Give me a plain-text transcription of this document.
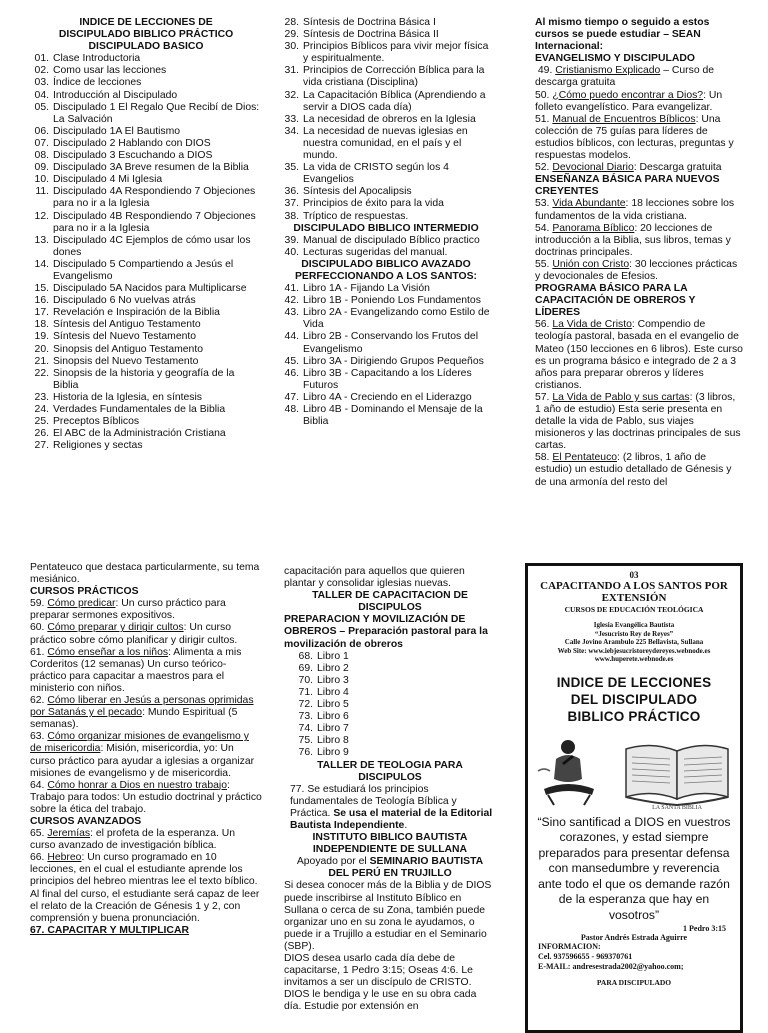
INDICE DE LECCIONES DE
DISCIPULADO BIBLICO PRÁCTICO
DISCIPULADO BASICO
01. Clase Introductoria
02. Como usar las lecciones
03. Índice de lecciones
04. Introducción al Discipulado
05. Discipulado 1 El Regalo Que Recibí de Dios: La Salvación
06. Discipulado 1A El Bautismo
07. Discipulado 2 Hablando con DIOS
08. Discipulado 3 Escuchando a DIOS
09. Discipulado 3A Breve resumen de la Biblia
10. Discipulado 4 Mi Iglesia
11. Discipulado 4A Respondiendo 7 Objeciones para no ir a la Iglesia
12. Discipulado 4B Respondiendo 7 Objeciones para no ir a la Iglesia
13. Discipulado 4C Ejemplos de cómo usar los dones
14. Discipulado 5 Compartiendo a Jesús el Evangelismo
15. Discipulado 5A Nacidos para Multiplicarse
16. Discipulado 6 No vuelvas atrás
17. Revelación e Inspiración de la Biblia
18. Síntesis del Antiguo Testamento
19. Síntesis del Nuevo Testamento
20. Sinopsis del Antiguo Testamento
21. Sinopsis del Nuevo Testamento
22. Sinopsis de la historia y geografía de la Biblia
23. Historia de la Iglesia, en síntesis
24. Verdades Fundamentales de la Biblia
25. Preceptos Bíblicos
26. El ABC de la Administración Cristiana
27. Religiones y sectas
28. Síntesis de Doctrina Básica I
29. Síntesis de Doctrina Básica II
30. Principios Bíblicos para vivir mejor física y espiritualmente.
31. Principios de Corrección Bíblica para la vida cristiana (Disciplina)
32. La Capacitación Bíblica (Aprendiendo a servir a DIOS cada día)
33. La necesidad de obreros en la Iglesia
34. La necesidad de nuevas iglesias en nuestra comunidad, en el país y el mundo.
35. La vida de CRISTO según los 4 Evangelios
36. Síntesis del Apocalipsis
37. Principios de éxito para la vida
38. Tríptico de respuestas.
DISCIPULADO BIBLICO INTERMEDIO
39. Manual de discipulado Bíblico practico
40. Lecturas sugeridas del manual.
DISCIPULADO BIBLICO AVAZADO
PERFECCIONANDO A LOS SANTOS:
41. Libro 1A - Fijando La Visión
42. Libro 1B - Poniendo Los Fundamentos
43. Libro 2A - Evangelizando como Estilo de Vida
44. Libro 2B - Conservando los Frutos del Evangelismo
45. Libro 3A - Dirigiendo Grupos Pequeños
46. Libro 3B - Capacitando a los Líderes Futuros
47. Libro 4A - Creciendo en el Liderazgo
48. Libro 4B - Dominando el Mensaje de la Biblia
Al mismo tiempo o seguido a estos cursos se puede estudiar – SEAN Internacional:
EVANGELISMO Y DISCIPULADO

49. Cristianismo Explicado – Curso de descarga gratuita

50. ¿Cómo puedo encontrar a Dios?: Un folleto evangelístico. Para evangelizar.

51. Manual de Encuentros Bíblicos: Una colección de 75 guías para líderes de estudios bíblicos, con lecturas, preguntas y respuestas modelos.

52. Devocional Diario: Descarga gratuita

ENSEÑANZA BÁSICA PARA NUEVOS CREYENTES

53. Vida Abundante: 18 lecciones sobre los fundamentos de la vida cristiana.

54. Panorama Bíblico: 20 lecciones de introducción a la Biblia, sus libros, temas y doctrinas principales.

55. Unión con Cristo: 30 lecciones prácticas y devocionales de Efesios.

PROGRAMA BÁSICO PARA LA CAPACITACIÓN DE OBREROS Y LÍDERES

56. La Vida de Cristo: Compendio de teología pastoral, basada en el evangelio de Mateo (150 lecciones en 6 libros). Este curso es un programa básico e integrado de 2 a 3 años para preparar obreros y líderes cristianos.

57. La Vida de Pablo y sus cartas: (3 libros, 1 año de estudio) Esta serie presenta en detalle la vida de Pablo, sus viajes misioneros y las doctrinas principales de sus cartas.

58. El Pentateuco: (2 libros, 1 año de estudio) un estudio detallado de Génesis y de una armonía del resto del

Pentateuco que destaca particularmente, su tema mesiánico.

CURSOS PRÁCTICOS

59. Cómo predicar: Un curso práctico para preparar sermones expositivos.

60. Cómo preparar y dirigir cultos: Un curso práctico sobre cómo planificar y dirigir cultos.

61. Cómo enseñar a los niños: Alimenta a mis Corderitos (12 semanas) Un curso teórico-práctico para capacitar a maestros para el ministerio con niños.

62. Cómo liberar en Jesús a personas oprimidas por Satanás y el pecado: Mundo Espiritual (5 semanas).

63. Cómo organizar misiones de evangelismo y de misericordia: Misión, misericordia, yo: Un curso práctico para ayudar a iglesias a organizar misiones de evangelismo y de misericordia.

64. Cómo honrar a Dios en nuestro trabajo: Trabajo para todos: Un estudio doctrinal y práctico sobre la ética del trabajo.

CURSOS AVANZADOS

65. Jeremías: el profeta de la esperanza. Un curso avanzado de investigación bíblica.

66. Hebreo: Un curso programado en 10 lecciones, en el cual el estudiante aprende los principios del hebreo mientras lee el texto bíblico. Al final del curso, el estudiante será capaz de leer el relato de la Creación de Génesis 1 y 2, con comprensión y buena pronunciación.

67. CAPACITAR Y MULTIPLICAR

capacitación para aquellos que quieren plantar y consolidar iglesias nuevas.

TALLER DE CAPACITACION DE
DISCIPULOS
PREPARACION Y MOVILIZACIÓN DE OBREROS – Preparación pastoral para la movilización de obreros
68. Libro 1
69. Libro 2
70. Libro 3
71. Libro 4
72. Libro 5
73. Libro 6
74. Libro 7
75. Libro 8
76. Libro 9
TALLER DE TEOLOGIA PARA
DISCIPULOS

77. Se estudiará los principios fundamentales de Teología Bíblica y Práctica. Se usa el material de la Editorial Bautista Independiente.

INSTITUTO BIBLICO BAUTISTA
INDEPENDIENTE DE SULLANA
Apoyado por el SEMINARIO BAUTISTA
DEL PERÚ EN TRUJILLO

Si desea conocer más de la Biblia y de DIOS puede inscribirse al Instituto Bíblico en Sullana o cerca de su Zona, también puede organizar uno en su zona le ayudamos, o puede ir a Trujillo a estudiar en el Seminario (SBP).

DIOS desea usarlo cada día debe de capacitarse, 1 Pedro 3:15; Oseas 4:6. Le invitamos a ser un discípulo de CRISTO. DIOS le bendiga y le use en su obra cada día. Estudie por extensión en

03
CAPACITANDO A LOS SANTOS POR
EXTENSIÓN
CURSOS DE EDUCACIÓN TEOLÓGICA
Iglesia Evangélica Bautista
“Jesucristo Rey de Reyes”
Calle Jovino Arambulo 225 Bellavista, Sullana
Web Site: www.iebjesucristoreydereyes.webnode.es
www.huperete.webnode.es
INDICE DE LECCIONES
DEL DISCIPULADO
BIBLICO PRÁCTICO
LA SANTA BIBLIA
“Sino santificad a DIOS en vuestros corazones, y estad siempre preparados para presentar defensa con mansedumbre y reverencia ante todo el que os demande razón de la esperanza que hay en vosotros”
1 Pedro 3:15
Pastor Andrés Estrada Aguirre
INFORMACION:
Cel. 937596655 - 969370761
E-MAIL: andresestrada2002@yahoo.com;
PARA DISCIPULADO
